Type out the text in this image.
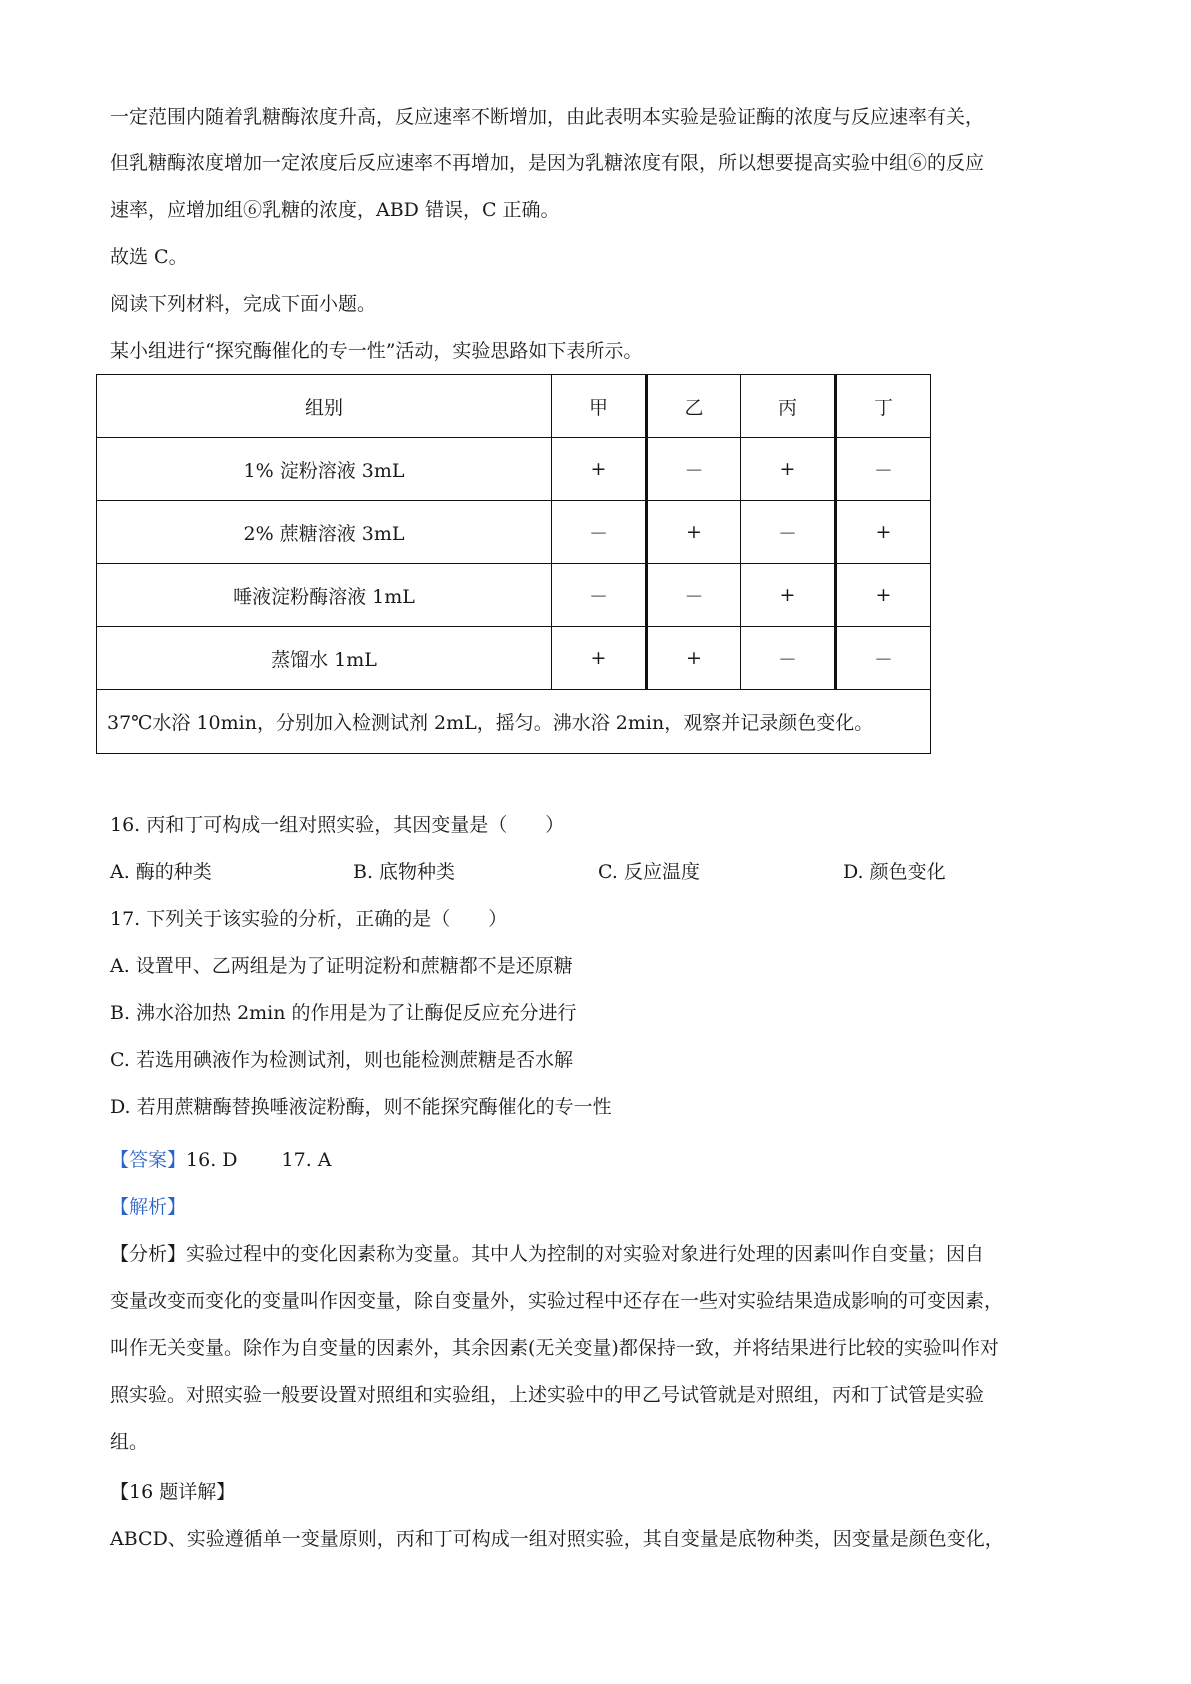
一定范围内随着乳糖酶浓度升高，反应速率不断增加，由此表明本实验是验证酶的浓度与反应速率有关，
但乳糖酶浓度增加一定浓度后反应速率不再增加，是因为乳糖浓度有限，所以想要提高实验中组⑥的反应
速率，应增加组⑥乳糖的浓度，ABD 错误，C 正确。
故选 C。
阅读下列材料，完成下面小题。
某小组进行“探究酶催化的专一性”活动，实验思路如下表所示。
组别	甲	乙	丙	丁
1% 淀粉溶液 3mL	+	－	+	－
2% 蔗糖溶液 3mL	－	+	－	+
唾液淀粉酶溶液 1mL	－	－	+	+
蒸馏水 1mL	+	+	－	－
37℃水浴 10min，分别加入检测试剂 2mL，摇匀。沸水浴 2min，观察并记录颜色变化。				
16. 丙和丁可构成一组对照实验，其因变量是（　　）
A. 酶的种类	B. 底物种类	C. 反应温度	D. 颜色变化
17. 下列关于该实验的分析，正确的是（　　）
A. 设置甲、乙两组是为了证明淀粉和蔗糖都不是还原糖
B. 沸水浴加热 2min 的作用是为了让酶促反应充分进行
C. 若选用碘液作为检测试剂，则也能检测蔗糖是否水解
D. 若用蔗糖酶替换唾液淀粉酶，则不能探究酶催化的专一性
【答案】16. D　　 17. A
【解析】
【分析】实验过程中的变化因素称为变量。其中人为控制的对实验对象进行处理的因素叫作自变量；因自
变量改变而变化的变量叫作因变量，除自变量外，实验过程中还存在一些对实验结果造成影响的可变因素，
叫作无关变量。除作为自变量的因素外，其余因素(无关变量)都保持一致，并将结果进行比较的实验叫作对
照实验。对照实验一般要设置对照组和实验组，上述实验中的甲乙号试管就是对照组，丙和丁试管是实验
组。
【16 题详解】
ABCD、实验遵循单一变量原则，丙和丁可构成一组对照实验，其自变量是底物种类，因变量是颜色变化，
